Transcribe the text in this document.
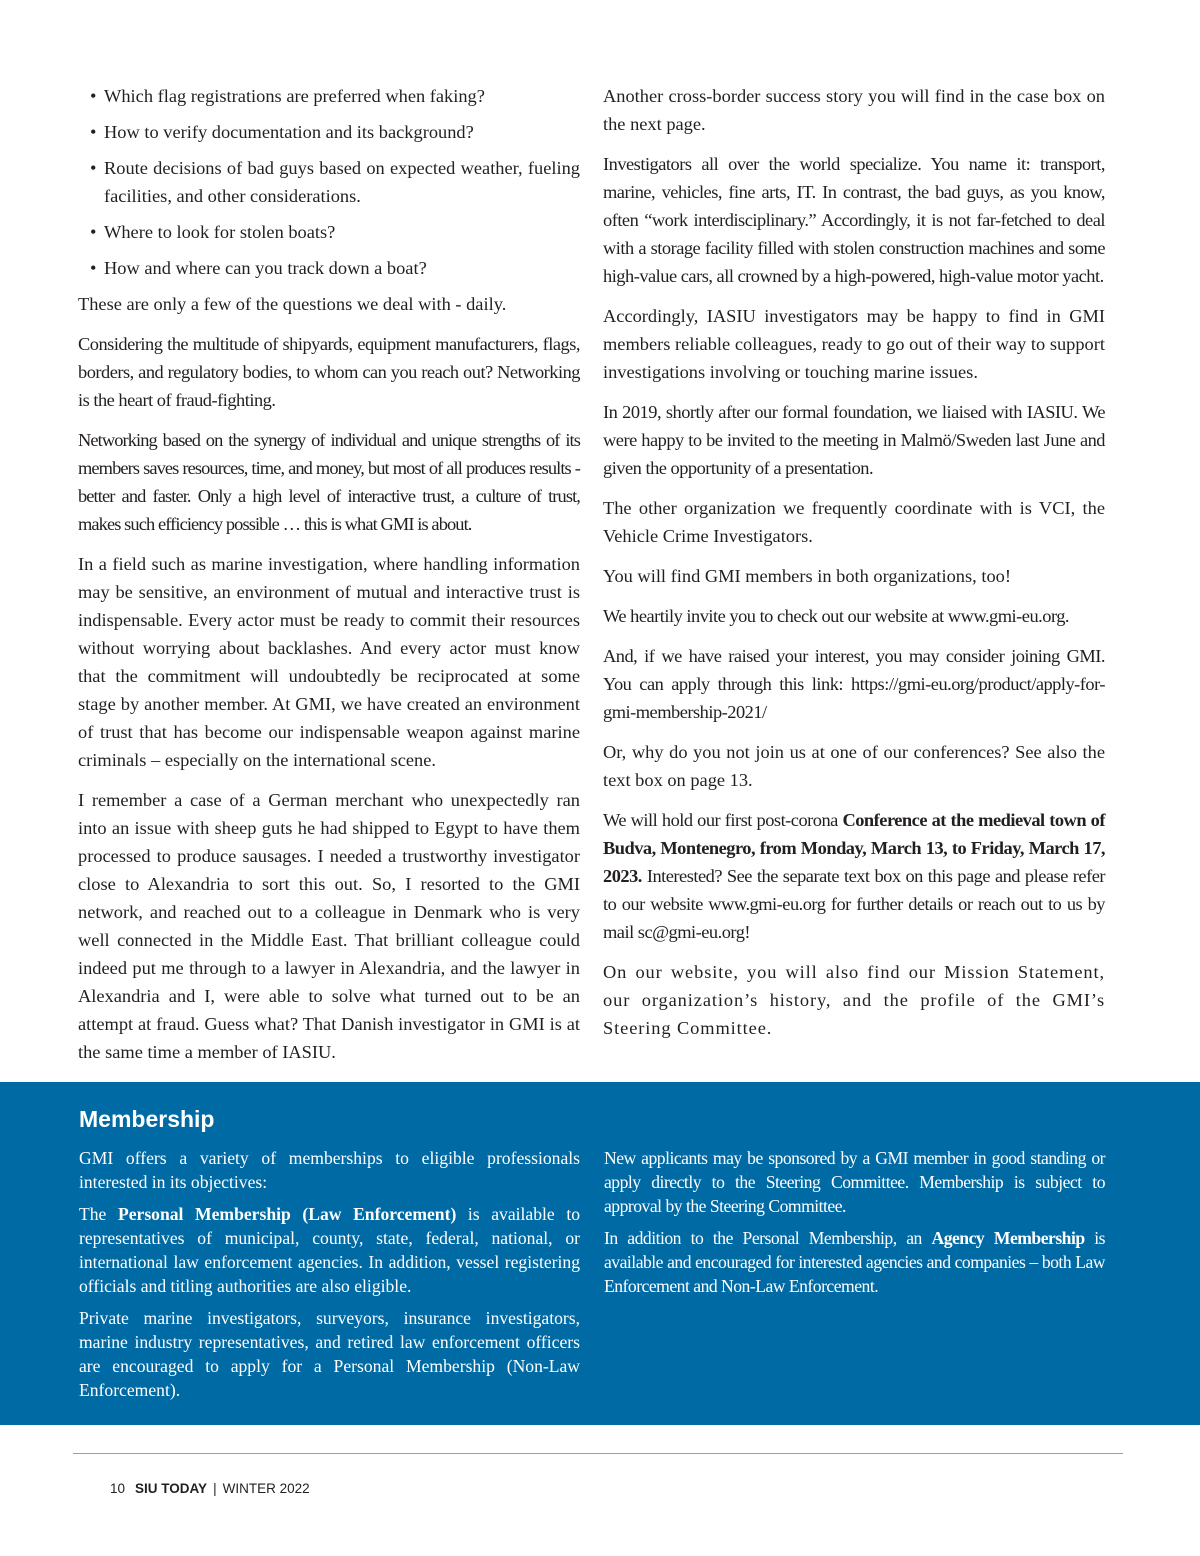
• Which flag registrations are preferred when faking?
• How to verify documentation and its background?
• Route decisions of bad guys based on expected weather, fueling facilities, and other considerations.
• Where to look for stolen boats?
• How and where can you track down a boat?

These are only a few of the questions we deal with - daily.

Considering the multitude of shipyards, equipment manufacturers, flags, borders, and regulatory bodies, to whom can you reach out? Networking is the heart of fraud-fighting.

Networking based on the synergy of individual and unique strengths of its members saves resources, time, and money, but most of all produces results - better and faster. Only a high level of interactive trust, a culture of trust, makes such efficiency possible … this is what GMI is about.

In a field such as marine investigation, where handling information may be sensitive, an environment of mutual and interactive trust is indispensable. Every actor must be ready to commit their resources without worrying about backlashes. And every actor must know that the commitment will undoubtedly be reciprocated at some stage by another member. At GMI, we have created an environment of trust that has become our indispensable weapon against marine criminals – especially on the international scene.

I remember a case of a German merchant who unexpectedly ran into an issue with sheep guts he had shipped to Egypt to have them processed to produce sausages. I needed a trustworthy investigator close to Alexandria to sort this out. So, I resorted to the GMI network, and reached out to a colleague in Denmark who is very well connected in the Middle East. That brilliant colleague could indeed put me through to a lawyer in Alexandria, and the lawyer in Alexandria and I, were able to solve what turned out to be an attempt at fraud. Guess what? That Danish investigator in GMI is at the same time a member of IASIU.

Another cross-border success story you will find in the case box on the next page.

Investigators all over the world specialize. You name it: transport, marine, vehicles, fine arts, IT. In contrast, the bad guys, as you know, often “work interdisciplinary.” Accordingly, it is not far-fetched to deal with a storage facility filled with stolen construction machines and some high-value cars, all crowned by a high-powered, high-value motor yacht.

Accordingly, IASIU investigators may be happy to find in GMI members reliable colleagues, ready to go out of their way to support investigations involving or touching marine issues.

In 2019, shortly after our formal foundation, we liaised with IASIU. We were happy to be invited to the meeting in Malmö/Sweden last June and given the opportunity of a presentation.

The other organization we frequently coordinate with is VCI, the Vehicle Crime Investigators.

You will find GMI members in both organizations, too!

We heartily invite you to check out our website at www.gmi-eu.org.

And, if we have raised your interest, you may consider joining GMI. You can apply through this link: https://gmi-eu.org/product/apply-for-gmi-membership-2021/

Or, why do you not join us at one of our conferences? See also the text box on page 13.

We will hold our first post-corona Conference at the medieval town of Budva, Montenegro, from Monday, March 13, to Friday, March 17, 2023. Interested? See the separate text box on this page and please refer to our website www.gmi-eu.org for further details or reach out to us by mail sc@gmi-eu.org!

On our website, you will also find our Mission Statement, our organization’s history, and the profile of the GMI’s Steering Committee.

Membership

GMI offers a variety of memberships to eligible professionals interested in its objectives:

The Personal Membership (Law Enforcement) is available to representatives of municipal, county, state, federal, national, or international law enforcement agencies. In addition, vessel registering officials and titling authorities are also eligible.

Private marine investigators, surveyors, insurance investigators, marine industry representatives, and retired law enforcement officers are encouraged to apply for a Personal Membership (Non-Law Enforcement).

New applicants may be sponsored by a GMI member in good standing or apply directly to the Steering Committee. Membership is subject to approval by the Steering Committee.

In addition to the Personal Membership, an Agency Membership is available and encouraged for interested agencies and companies – both Law Enforcement and Non-Law Enforcement.

10 SIU TODAY | WINTER 2022
